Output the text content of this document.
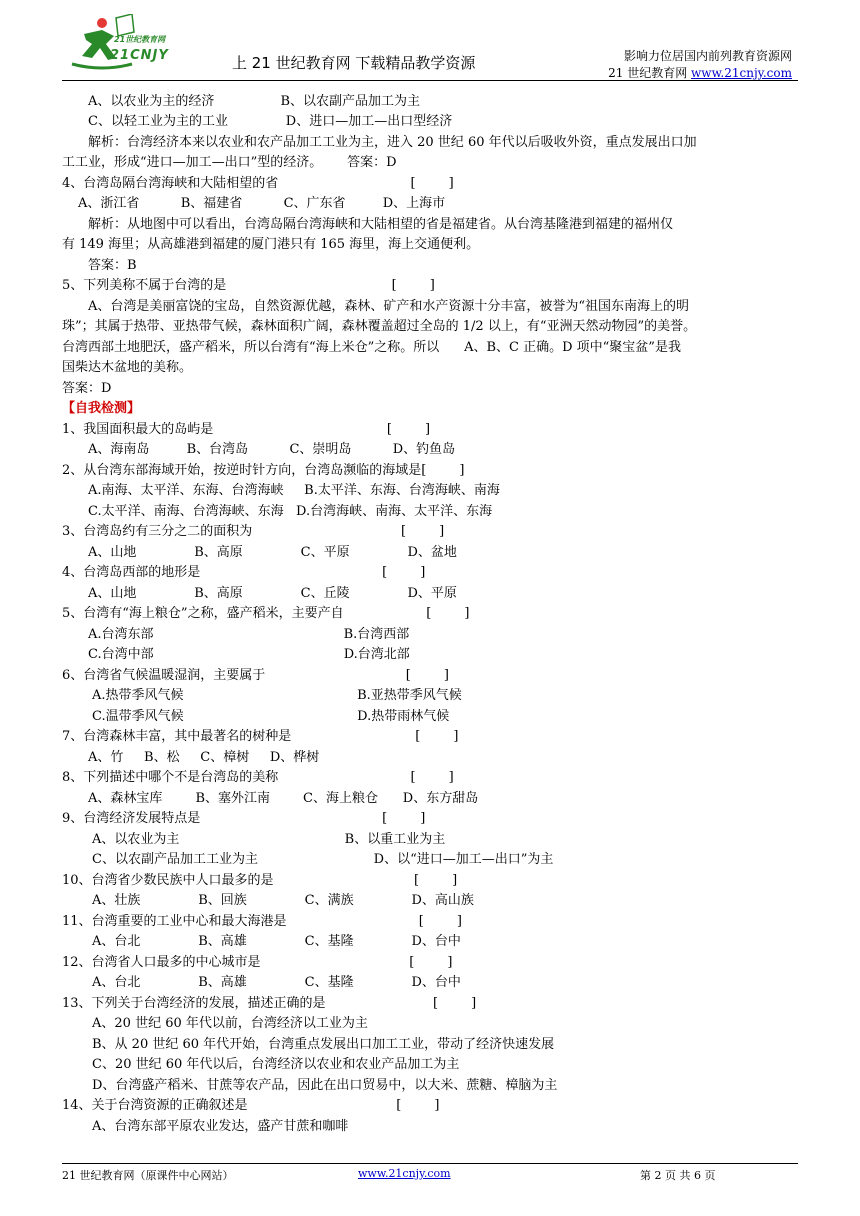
21世纪教育网
21CNJY	上 21 世纪教育网 下载精品教学资源	影响力位居国内前列教育资源网
21 世纪教育网 www.21cnjy.com
A、以农业为主的经济                B、以农副产品加工为主
C、以轻工业为主的工业              D、进口—加工—出口型经济
解析：台湾经济本来以农业和农产品加工工业为主，进入 20 世纪 60 年代以后吸收外资，重点发展出口加
工工业，形成“进口—加工—出口”型的经济。      答案：D
4、台湾岛隔台湾海峡和大陆相望的省                                [        ]
A、浙江省          B、福建省          C、广东省         D、上海市
解析：从地图中可以看出，台湾岛隔台湾海峡和大陆相望的省是福建省。从台湾基隆港到福建的福州仅
有 149 海里；从高雄港到福建的厦门港只有 165 海里，海上交通便利。
答案：B
5、下列美称不属于台湾的是                                        [        ]
A、台湾是美丽富饶的宝岛，自然资源优越，森林、矿产和水产资源十分丰富，被誉为“祖国东南海上的明
珠”；其属于热带、亚热带气候，森林面积广阔，森林覆盖超过全岛的 1/2 以上，有“亚洲天然动物园”的美誉。
台湾西部土地肥沃，盛产稻米，所以台湾有“海上米仓”之称。所以      A、B、C 正确。D 项中“聚宝盆”是我
国柴达木盆地的美称。
答案：D
【自我检测】
1、我国面积最大的岛屿是                                          [        ]
A、海南岛         B、台湾岛          C、崇明岛          D、钓鱼岛
2、从台湾东部海域开始，按逆时针方向，台湾岛濒临的海域是[        ]
A.南海、太平洋、东海、台湾海峡     B.太平洋、东海、台湾海峡、南海
C.太平洋、南海、台湾海峡、东海   D.台湾海峡、南海、太平洋、东海
3、台湾岛约有三分之二的面积为                                    [        ]
A、山地              B、高原              C、平原              D、盆地
4、台湾岛西部的地形是                                            [        ]
A、山地              B、高原              C、丘陵              D、平原
5、台湾有“海上粮仓”之称，盛产稻米，主要产自                    [        ]
A.台湾东部                                              B.台湾西部
C.台湾中部                                              D.台湾北部
6、台湾省气候温暖湿润，主要属于                                  [        ]
A.热带季风气候                                          B.亚热带季风气候
C.温带季风气候                                          D.热带雨林气候
7、台湾森林丰富，其中最著名的树种是                              [        ]
A、竹     B、松     C、樟树     D、桦树
8、下列描述中哪个不是台湾岛的美称                                [        ]
A、森林宝库        B、塞外江南        C、海上粮仓      D、东方甜岛
9、台湾经济发展特点是                                            [        ]
A、以农业为主                                        B、以重工业为主
C、以农副产品加工工业为主                            D、以“进口—加工—出口”为主
10、台湾省少数民族中人口最多的是                                  [        ]
A、壮族              B、回族              C、满族              D、高山族
11、台湾重要的工业中心和最大海港是                                [        ]
A、台北              B、高雄              C、基隆              D、台中
12、台湾省人口最多的中心城市是                                    [        ]
A、台北              B、高雄              C、基隆              D、台中
13、下列关于台湾经济的发展，描述正确的是                          [        ]
A、20 世纪 60 年代以前，台湾经济以工业为主
B、从 20 世纪 60 年代开始，台湾重点发展出口加工工业，带动了经济快速发展
C、20 世纪 60 年代以后，台湾经济以农业和农业产品加工为主
D、台湾盛产稻米、甘蔗等农产品，因此在出口贸易中，以大米、蔗糖、樟脑为主
14、关于台湾资源的正确叙述是                                    [        ]
A、台湾东部平原农业发达，盛产甘蔗和咖啡
21 世纪教育网（原课件中心网站）	www.21cnjy.com	第 2 页 共 6 页
